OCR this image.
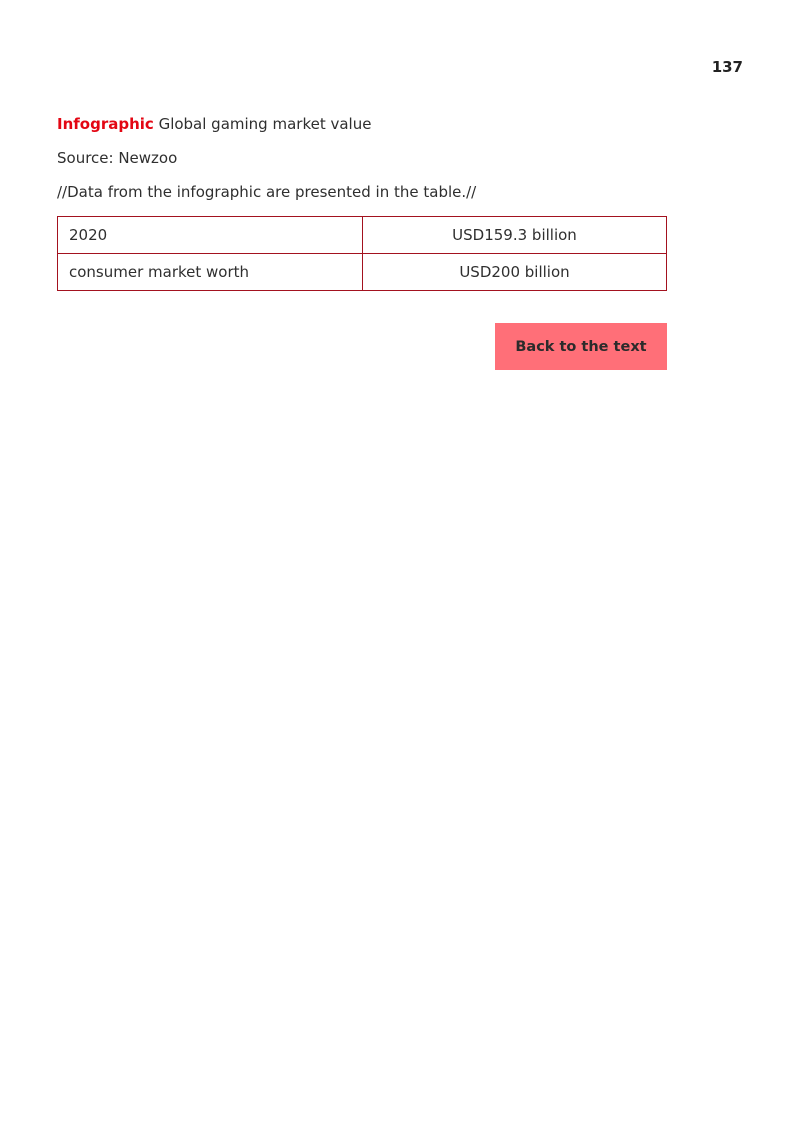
137

Infographic Global gaming market value

Source: Newzoo

//Data from the infographic are presented in the table.//

2020	USD159.3 billion
consumer market worth	USD200 billion
Back to the text
